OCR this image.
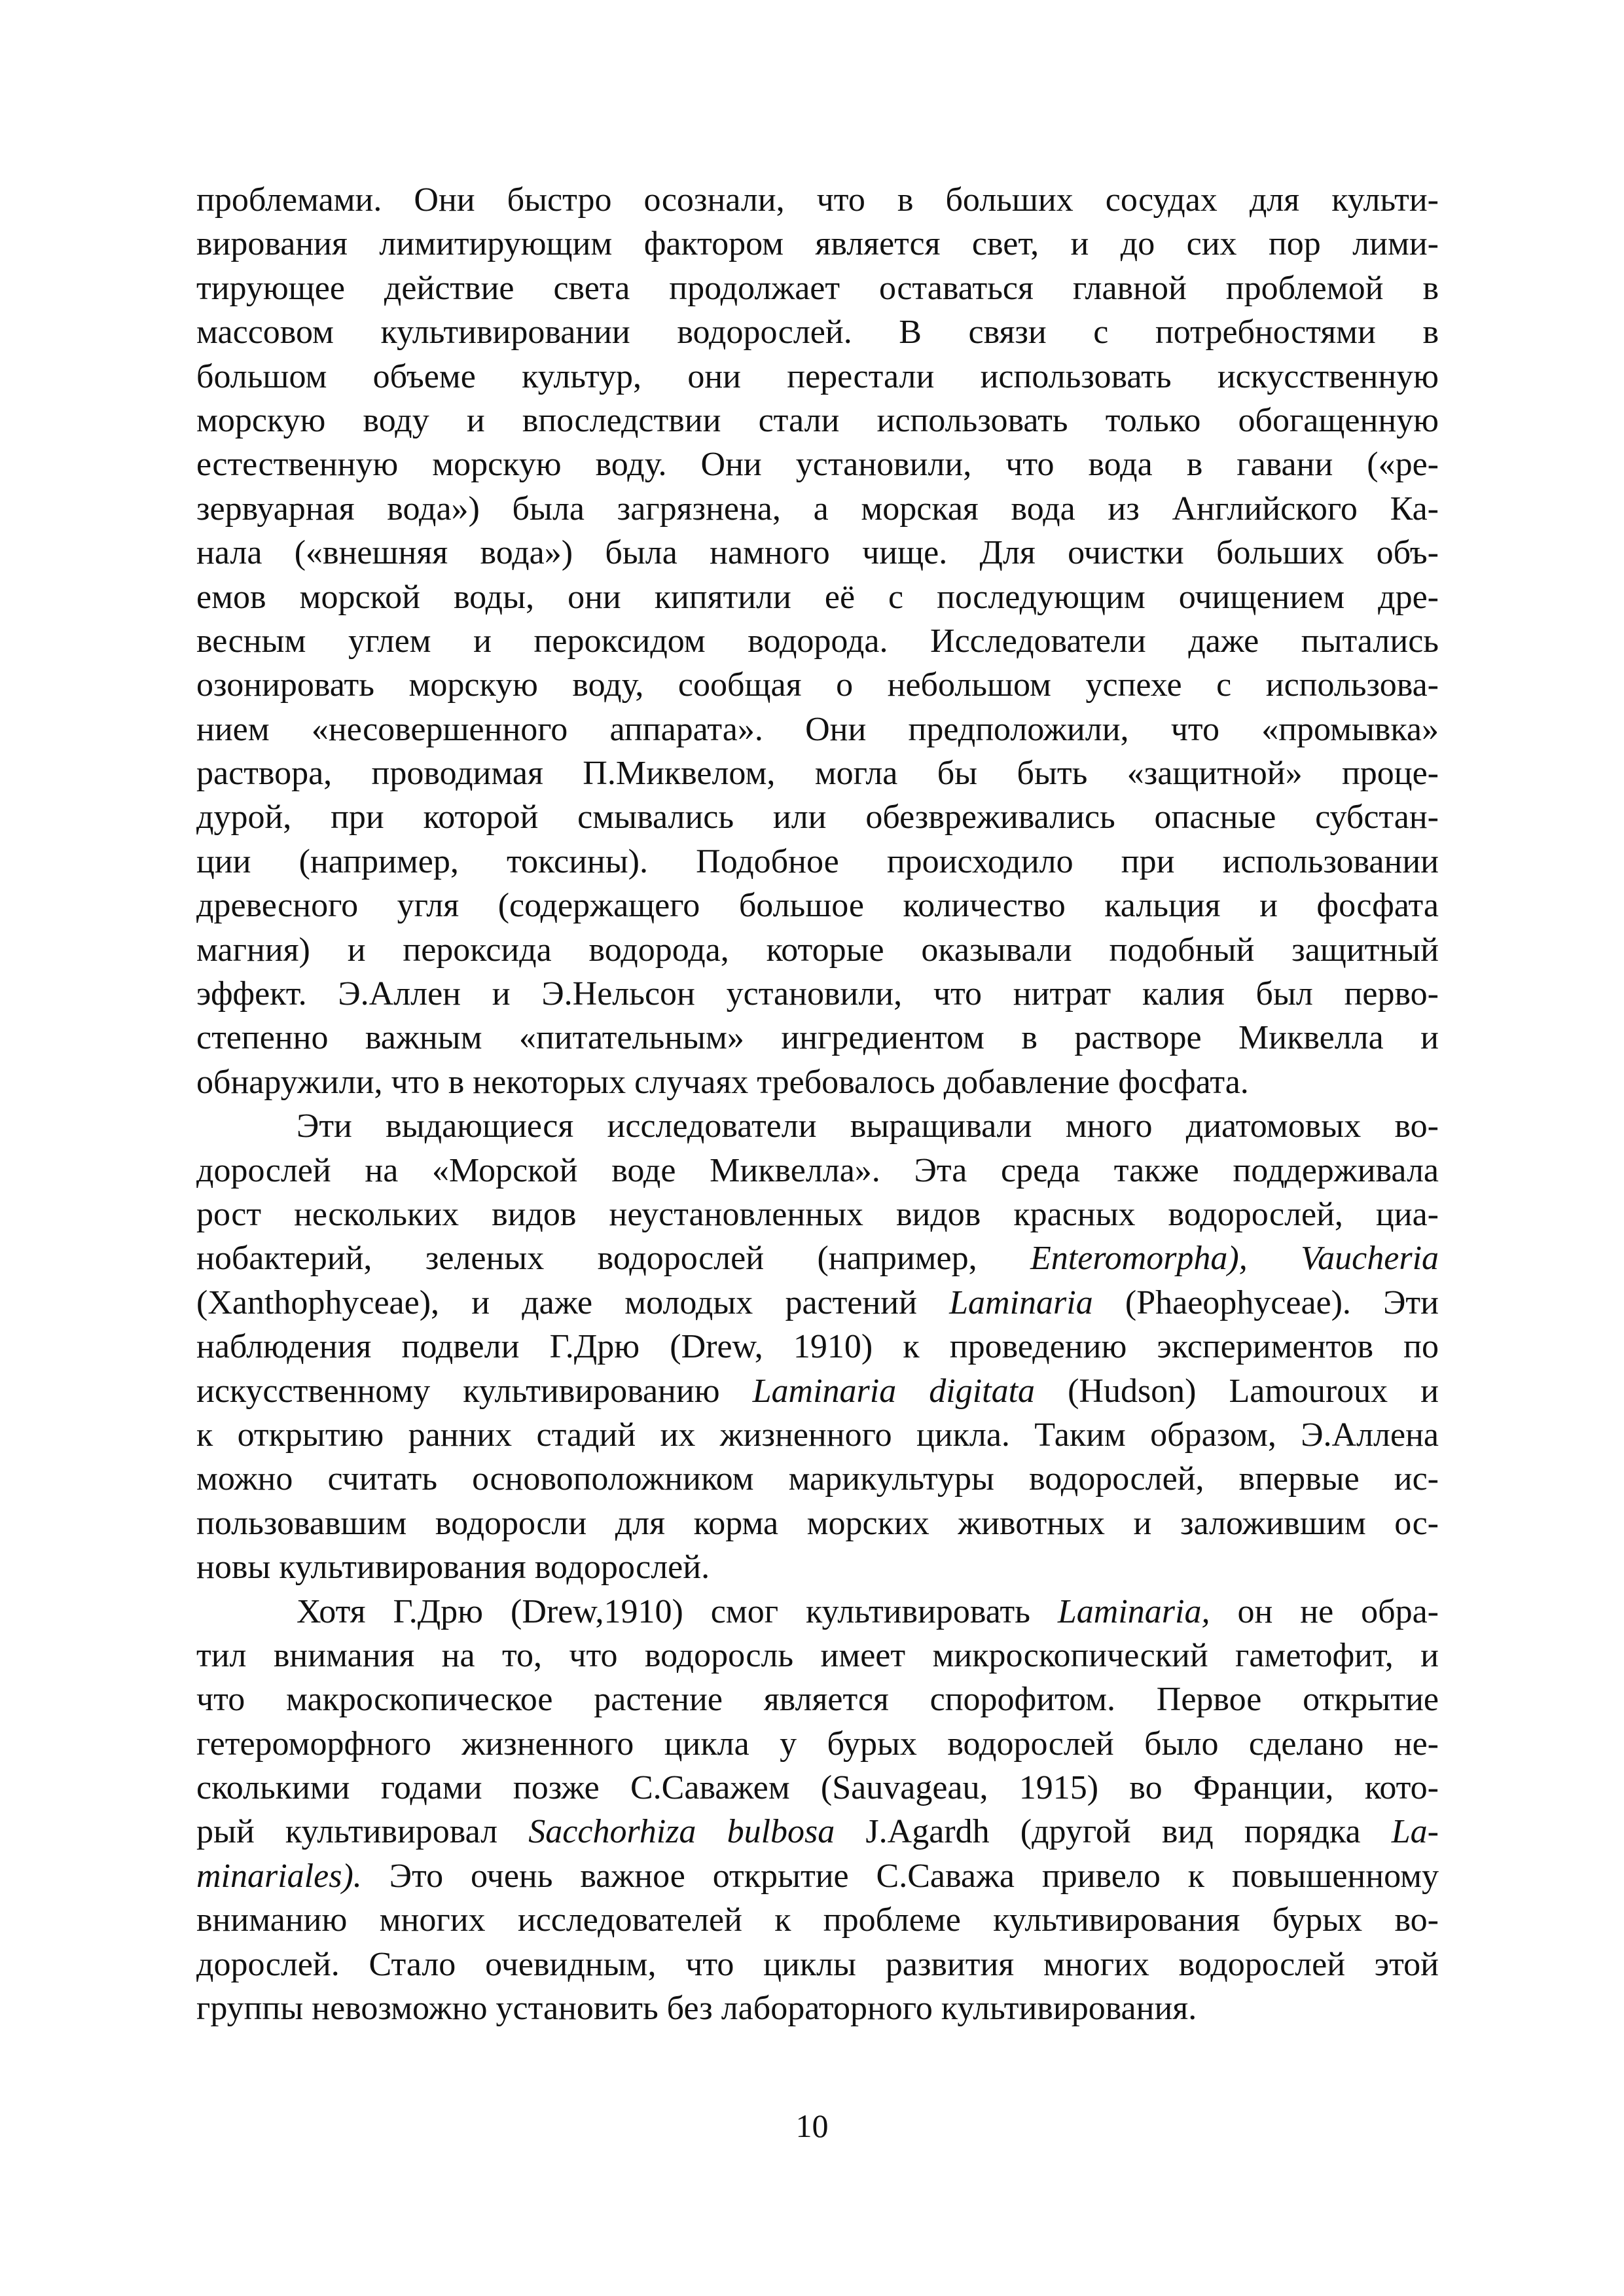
проблемами. Они быстро осознали, что в больших сосудах для культи-
вирования лимитирующим фактором является свет, и до сих пор лими-
тирующее действие света продолжает оставаться главной проблемой в
массовом культивировании водорослей. В связи с потребностями в
большом объеме культур, они перестали использовать искусственную
морскую воду и впоследствии стали использовать только обогащенную
естественную морскую воду. Они установили, что вода в гавани («ре-
зервуарная вода») была загрязнена, а морская вода из Английского Ка-
нала («внешняя вода») была намного чище. Для очистки больших объ-
емов морской воды, они кипятили её с последующим очищением дре-
весным углем и пероксидом водорода. Исследователи даже пытались
озонировать морскую воду, сообщая о небольшом успехе с использова-
нием «несовершенного аппарата». Они предположили, что «промывка»
раствора, проводимая П.Миквелом, могла бы быть «защитной» проце-
дурой, при которой смывались или обезвреживались опасные субстан-
ции (например, токсины). Подобное происходило при использовании
древесного угля (содержащего большое количество кальция и фосфата
магния) и пероксида водорода, которые оказывали подобный защитный
эффект. Э.Аллен и Э.Нельсон установили, что нитрат калия был перво-
степенно важным «питательным» ингредиентом в растворе Миквелла и
обнаружили, что в некоторых случаях требовалось добавление фосфата.
Эти выдающиеся исследователи выращивали много диатомовых во-
дорослей на «Морской воде Миквелла». Эта среда также поддерживала
рост нескольких видов неустановленных видов красных водорослей, циа-
нобактерий, зеленых водорослей (например, Enteromorpha), Vaucheria
(Xanthophyceae), и даже молодых растений Laminaria (Phaeophyceae). Эти
наблюдения подвели Г.Дрю (Drew, 1910) к проведению экспериментов по
искусственному культивированию Laminaria digitata (Hudson) Lamouroux и
к открытию ранних стадий их жизненного цикла. Таким образом, Э.Аллена
можно считать основоположником марикультуры водорослей, впервые ис-
пользовавшим водоросли для корма морских животных и заложившим ос-
новы культивирования водорослей.
Хотя Г.Дрю (Drew,1910) смог культивировать Laminaria, он не обра-
тил внимания на то, что водоросль имеет микроскопический гаметофит, и
что макроскопическое растение является спорофитом. Первое открытие
гетероморфного жизненного цикла у бурых водорослей было сделано не-
сколькими годами позже С.Саважем (Sauvageau, 1915) во Франции, кото-
рый культивировал Sacchorhiza bulbosa J.Agardh (другой вид порядка La-
minariales). Это очень важное открытие С.Саважа привело к повышенному
вниманию многих исследователей к проблеме культивирования бурых во-
дорослей. Стало очевидным, что циклы развития многих водорослей этой
группы невозможно установить без лабораторного культивирования.
10
